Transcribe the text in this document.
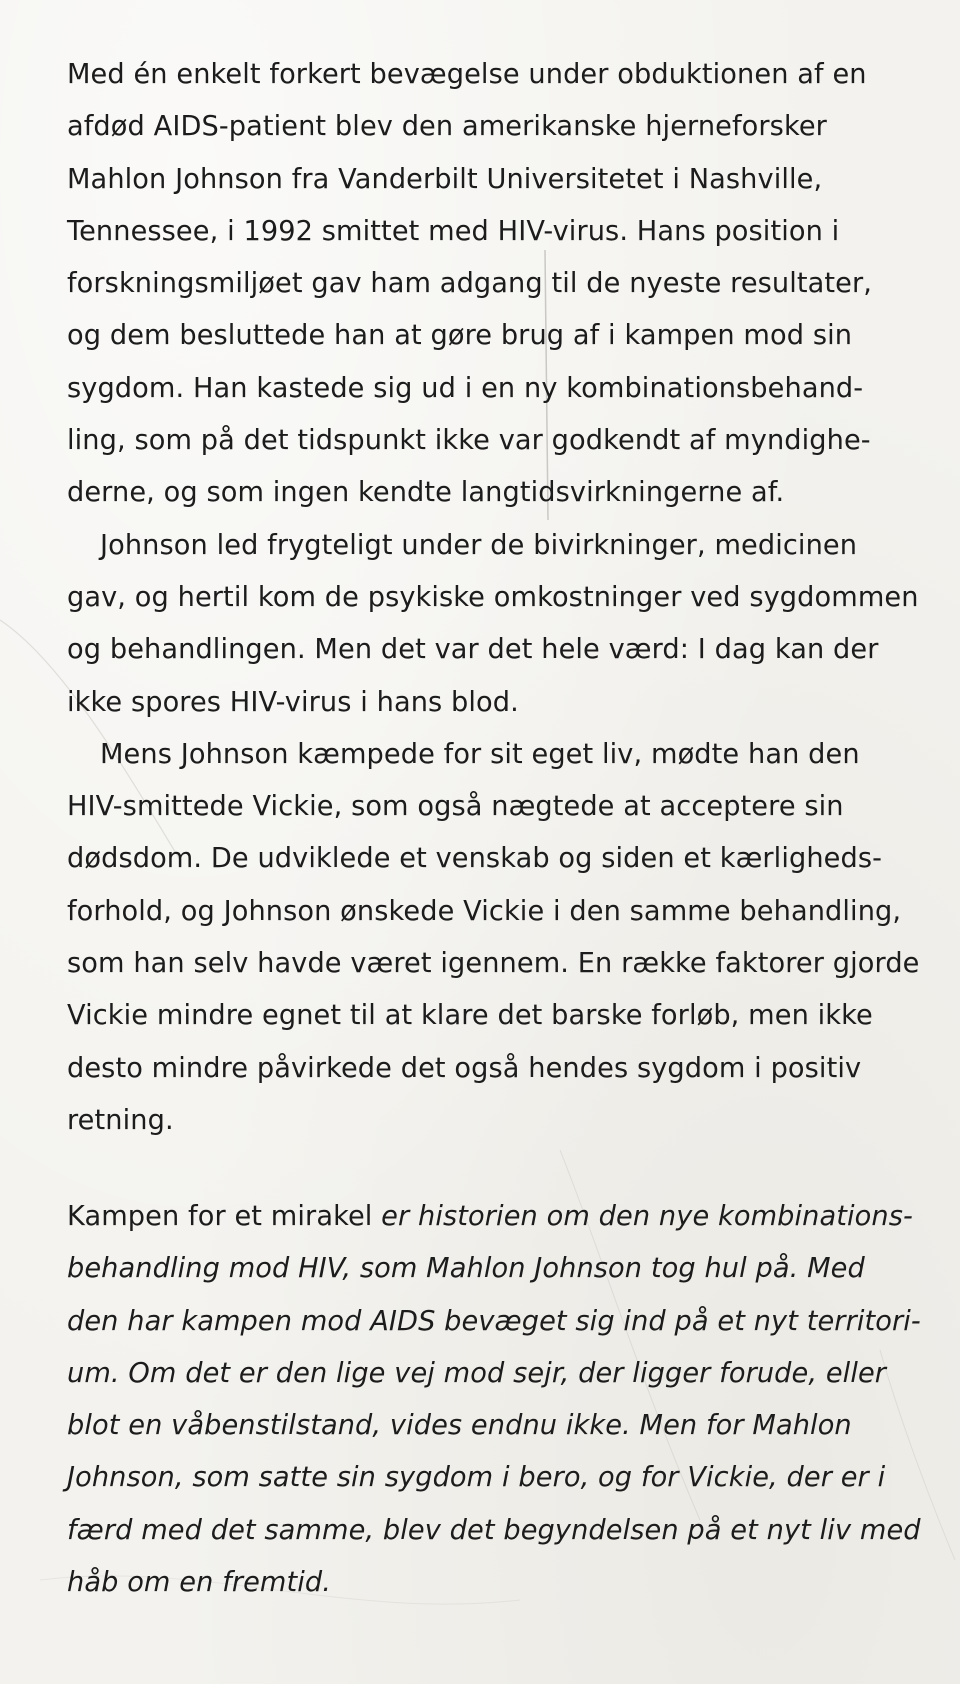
Med én enkelt forkert bevægelse under obduktionen af en
afdød AIDS-patient blev den amerikanske hjerneforsker
Mahlon Johnson fra Vanderbilt Universitetet i Nashville,
Tennessee, i 1992 smittet med HIV-virus. Hans position i
forskningsmiljøet gav ham adgang til de nyeste resultater,
og dem besluttede han at gøre brug af i kampen mod sin
sygdom. Han kastede sig ud i en ny kombinationsbehand-
ling, som på det tidspunkt ikke var godkendt af myndighe-
derne, og som ingen kendte langtidsvirkningerne af.
Johnson led frygteligt under de bivirkninger, medicinen
gav, og hertil kom de psykiske omkostninger ved sygdommen
og behandlingen. Men det var det hele værd: I dag kan der
ikke spores HIV-virus i hans blod.
Mens Johnson kæmpede for sit eget liv, mødte han den
HIV-smittede Vickie, som også nægtede at acceptere sin
dødsdom. De udviklede et venskab og siden et kærligheds-
forhold, og Johnson ønskede Vickie i den samme behandling,
som han selv havde været igennem. En række faktorer gjorde
Vickie mindre egnet til at klare det barske forløb, men ikke
desto mindre påvirkede det også hendes sygdom i positiv
retning.
Kampen for et mirakel er historien om den nye kombinations-
behandling mod HIV, som Mahlon Johnson tog hul på. Med
den har kampen mod AIDS bevæget sig ind på et nyt territori-
um. Om det er den lige vej mod sejr, der ligger forude, eller
blot en våbenstilstand, vides endnu ikke. Men for Mahlon
Johnson, som satte sin sygdom i bero, og for Vickie, der er i
færd med det samme, blev det begyndelsen på et nyt liv med
håb om en fremtid.
